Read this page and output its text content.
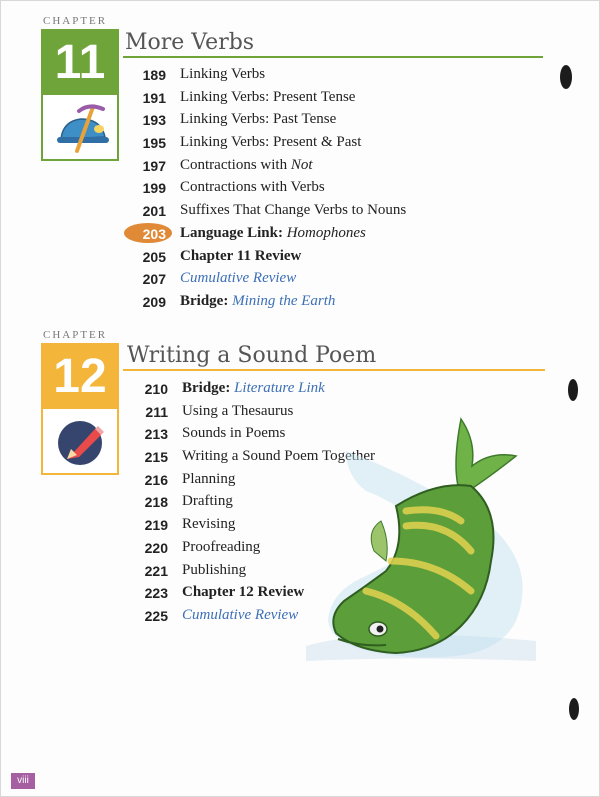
CHAPTER
11 More Verbs
189 Linking Verbs
191 Linking Verbs: Present Tense
193 Linking Verbs: Past Tense
195 Linking Verbs: Present & Past
197 Contractions with Not
199 Contractions with Verbs
201 Suffixes That Change Verbs to Nouns
203 Language Link: Homophones
205 Chapter 11 Review
207 Cumulative Review
209 Bridge: Mining the Earth
CHAPTER
12 Writing a Sound Poem
210 Bridge: Literature Link
211 Using a Thesaurus
213 Sounds in Poems
215 Writing a Sound Poem Together
216 Planning
218 Drafting
219 Revising
220 Proofreading
221 Publishing
223 Chapter 12 Review
225 Cumulative Review
viii
